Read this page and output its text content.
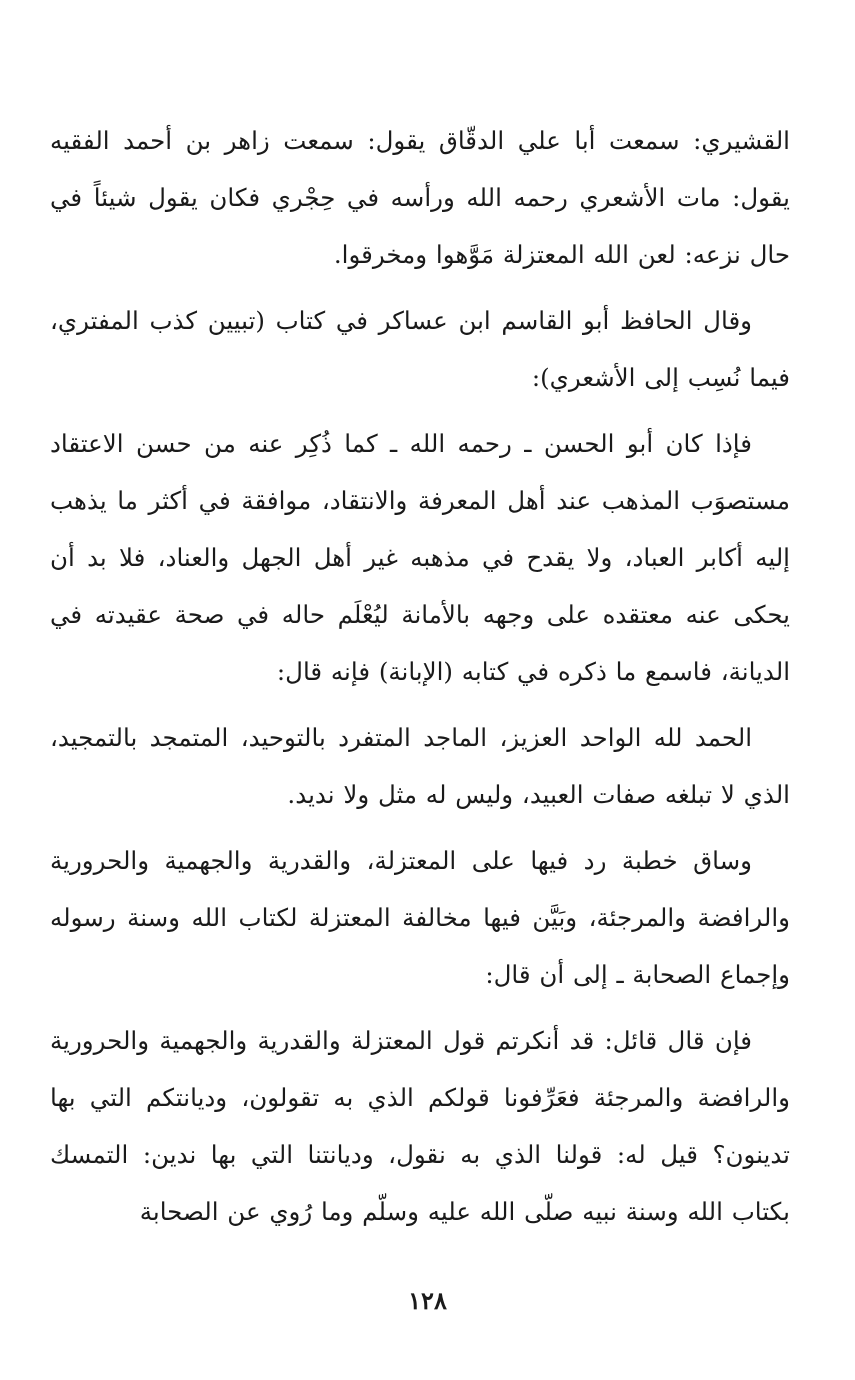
القشيري: سمعت أبا علي الدقّاق يقول: سمعت زاهر بن أحمد الفقيه يقول: مات الأشعري رحمه الله ورأسه في حِجْري فكان يقول شيئاً في حال نزعه: لعن الله المعتزلة مَوَّهوا ومخرقوا.

وقال الحافظ أبو القاسم ابن عساكر في كتاب (تبيين كذب المفتري، فيما نُسِب إلى الأشعري):

فإذا كان أبو الحسن ـ رحمه الله ـ كما ذُكِر عنه من حسن الاعتقاد مستصوَب المذهب عند أهل المعرفة والانتقاد، موافقة في أكثر ما يذهب إليه أكابر العباد، ولا يقدح في مذهبه غير أهل الجهل والعناد، فلا بد أن يحكى عنه معتقده على وجهه بالأمانة ليُعْلَم حاله في صحة عقيدته في الديانة، فاسمع ما ذكره في كتابه (الإبانة) فإنه قال:

الحمد لله الواحد العزيز، الماجد المتفرد بالتوحيد، المتمجد بالتمجيد، الذي لا تبلغه صفات العبيد، وليس له مثل ولا نديد.

وساق خطبة رد فيها على المعتزلة، والقدرية والجهمية والحرورية والرافضة والمرجئة، وبَيَّن فيها مخالفة المعتزلة لكتاب الله وسنة رسوله وإجماع الصحابة ـ إلى أن قال:

فإن قال قائل: قد أنكرتم قول المعتزلة والقدرية والجهمية والحرورية والرافضة والمرجئة فعَرِّفونا قولكم الذي به تقولون، وديانتكم التي بها تدينون؟ قيل له: قولنا الذي به نقول، وديانتنا التي بها ندين: التمسك بكتاب الله وسنة نبيه صلّى الله عليه وسلّم وما رُوي عن الصحابة

١٢٨
